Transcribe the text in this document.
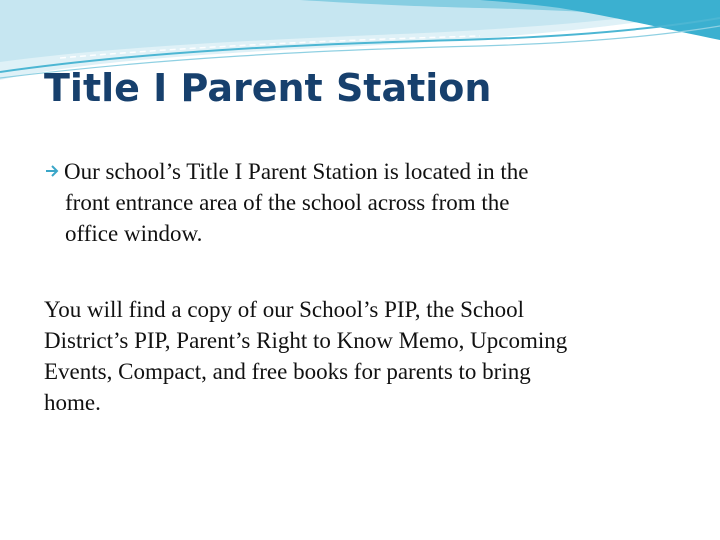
Title I Parent Station
Our school’s Title I Parent Station is located in the
front entrance area of the school across from the
office window.
You will find a copy of our School’s PIP, the School
District’s PIP, Parent’s Right to Know Memo, Upcoming
Events, Compact, and free books for parents to bring
home.
